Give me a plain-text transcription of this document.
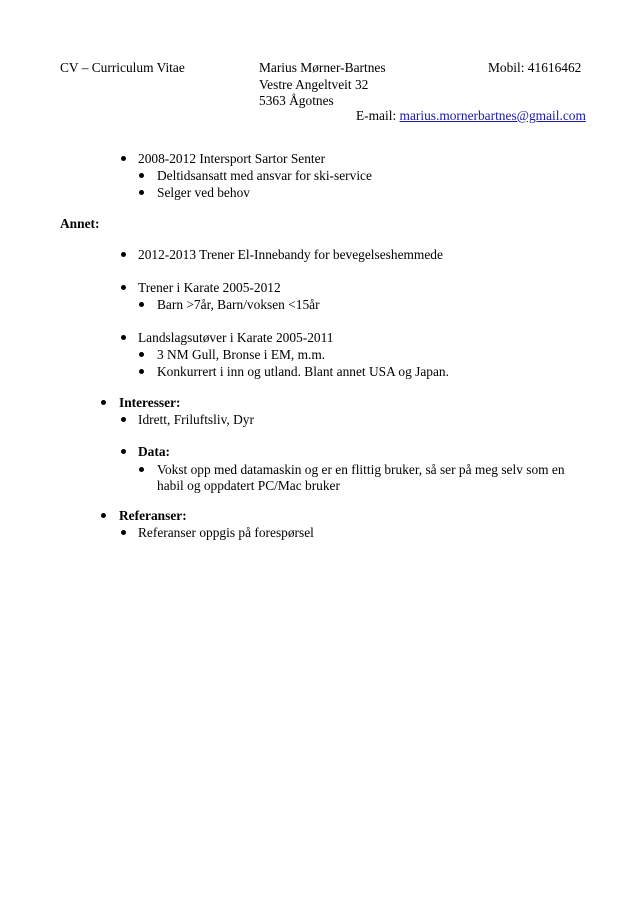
CV – Curriculum Vitae	Marius Mørner-Bartnes	Mobil: 41616462
Vestre Angeltveit 32
5363 Ågotnes
E-mail: marius.mornerbartnes@gmail.com
2008-2012 Intersport Sartor Senter
Deltidsansatt med ansvar for ski-service
Selger ved behov
Annet:
2012-2013 Trener El-Innebandy for bevegelseshemmede
Trener i Karate 2005-2012
Barn >7år, Barn/voksen <15år
Landslagsutøver i Karate 2005-2011
3 NM Gull, Bronse i EM, m.m.
Konkurrert i inn og utland. Blant annet USA og Japan.
Interesser:
Idrett, Friluftsliv, Dyr
Data:
Vokst opp med datamaskin og er en flittig bruker, så ser på meg selv som en
habil og oppdatert PC/Mac bruker
Referanser:
Referanser oppgis på forespørsel
